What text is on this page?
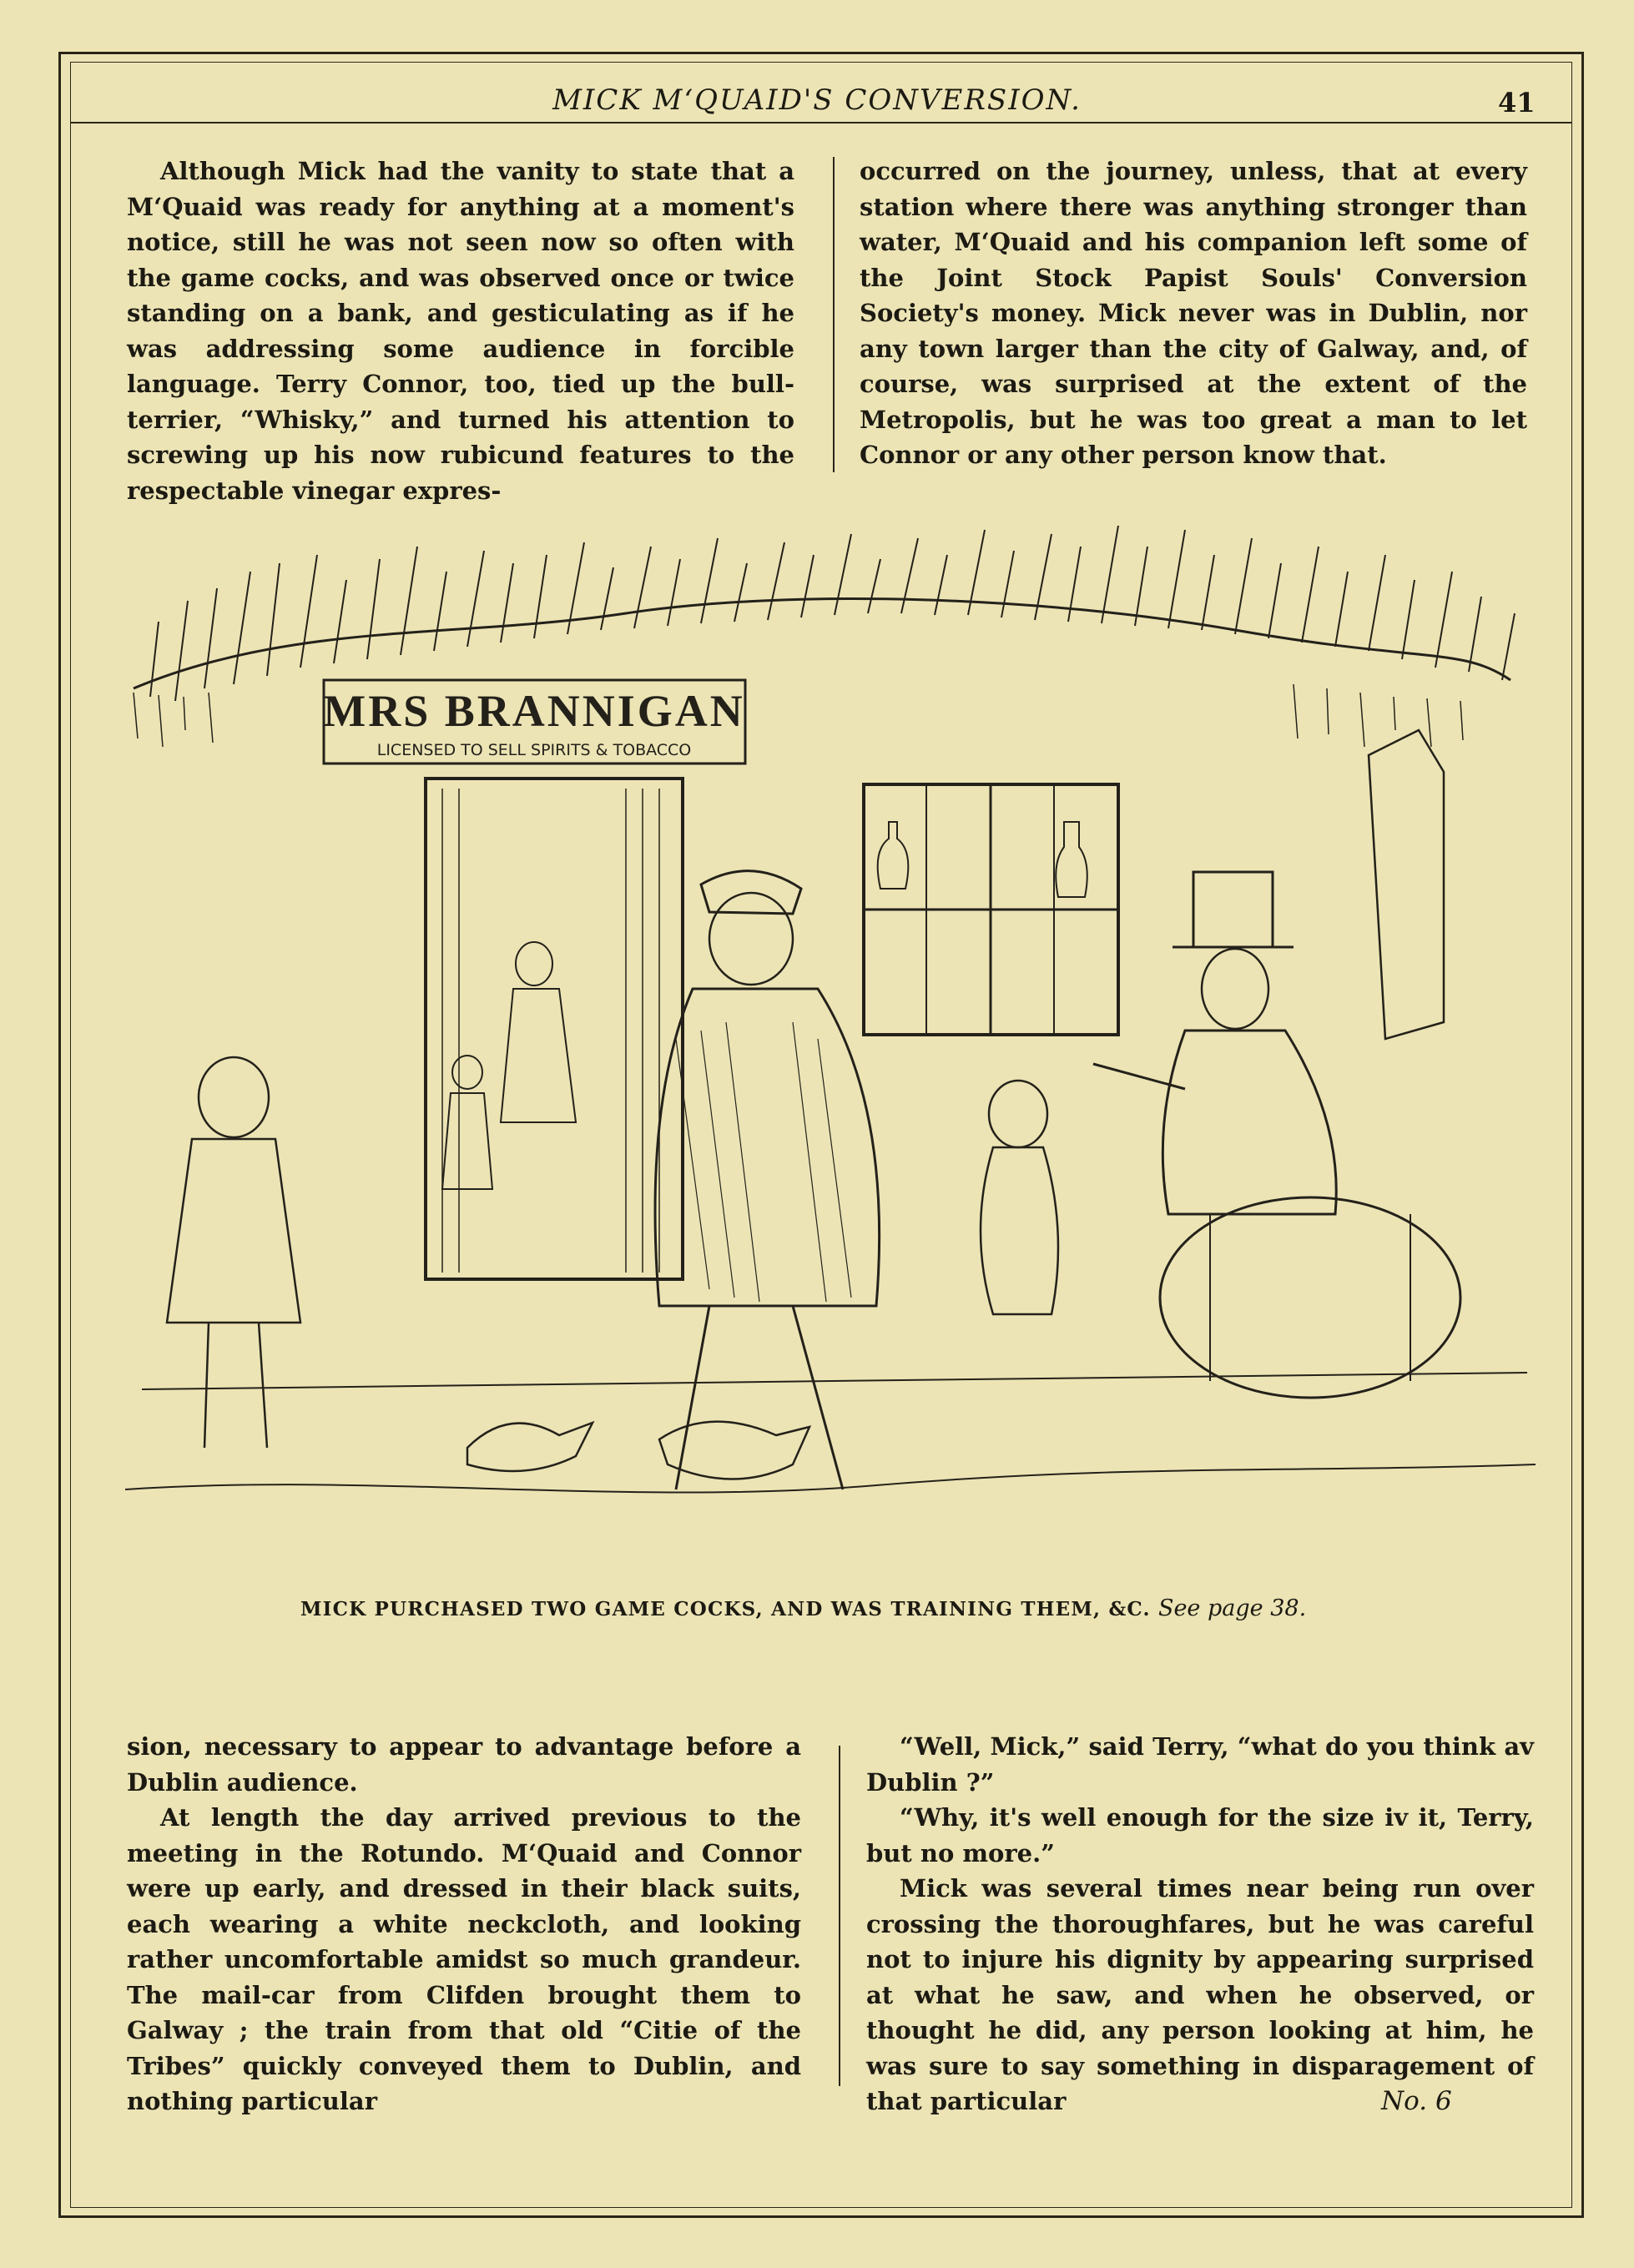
MICK M‘QUAID'S CONVERSION.	41

Although Mick had the vanity to state that a M‘Quaid was ready for anything at a moment's notice, still he was not seen now so often with the game cocks, and was observed once or twice standing on a bank, and gesticulating as if he was addressing some audience in forcible language. Terry Connor, too, tied up the bull-terrier, “Whisky,” and turned his attention to screwing up his now rubicund features to the respectable vinegar expres-

occurred on the journey, unless, that at every station where there was anything stronger than water, M‘Quaid and his companion left some of the Joint Stock Papist Souls' Conversion Society's money. Mick never was in Dublin, nor any town larger than the city of Galway, and, of course, was surprised at the extent of the Metropolis, but he was too great a man to let Connor or any other person know that.

MRS BRANNIGAN
LICENSED TO SELL SPIRITS & TOBACCO
MICK PURCHASED TWO GAME COCKS, AND WAS TRAINING THEM, &C. See page 38.

sion, necessary to appear to advantage before a Dublin audience.

At length the day arrived previous to the meeting in the Rotundo. M‘Quaid and Connor were up early, and dressed in their black suits, each wearing a white neckcloth, and looking rather uncomfortable amidst so much grandeur. The mail-car from Clifden brought them to Galway ; the train from that old “Citie of the Tribes” quickly conveyed them to Dublin, and nothing particular

“Well, Mick,” said Terry, “what do you think av Dublin ?”

“Why, it's well enough for the size iv it, Terry, but no more.”

Mick was several times near being run over crossing the thoroughfares, but he was careful not to injure his dignity by appearing surprised at what he saw, and when he observed, or thought he did, any person looking at him, he was sure to say something in disparagement of that particular	No. 6
